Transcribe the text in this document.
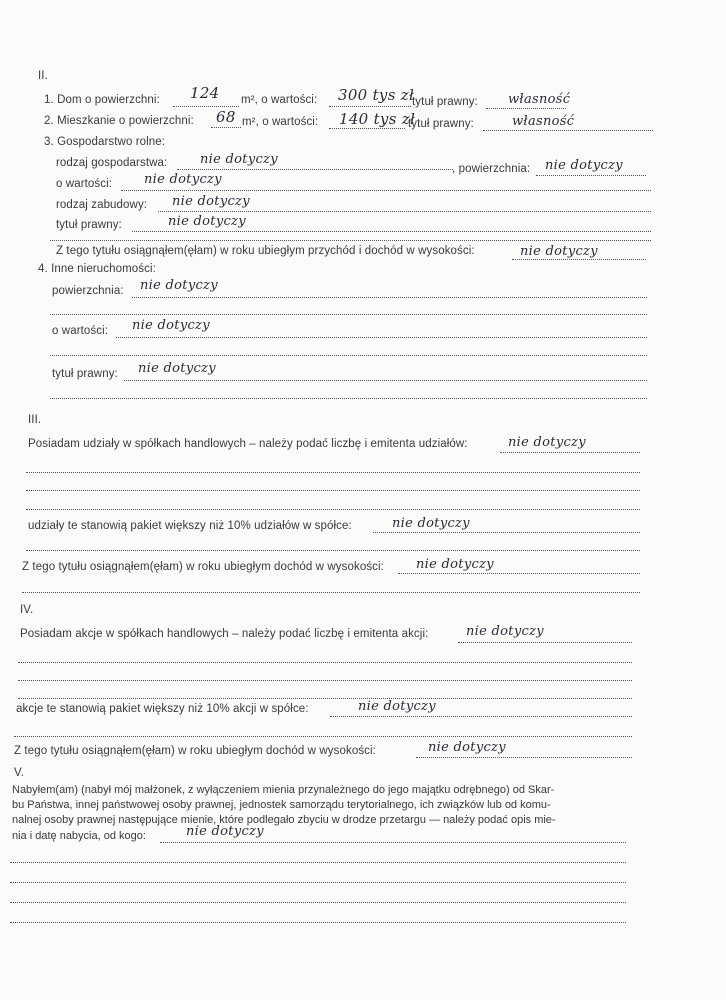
II.
1. Dom o powierzchni: 124 m², o wartości: 300 tys zł
tytuł prawny: własność
2. Mieszkanie o powierzchni: 68 m², o wartości: 140 tys zł
tytuł prawny:	własność
3. Gospodarstwo rolne:
rodzaj gospodarstwa:	nie dotyczy
, powierzchnia: nie dotyczy
o wartości: nie dotyczy
rodzaj zabudowy: nie dotyczy
tytuł prawny:	nie dotyczy
Z tego tytułu osiągnąłem(ęłam) w roku ubiegłym przychód i dochód w wysokości:	nie dotyczy
4. Inne nieruchomości:
powierzchnia: nie dotyczy
o wartości: nie dotyczy
tytuł prawny: nie dotyczy
III.
Posiadam udziały w spółkach handlowych – należy podać liczbę i emitenta udziałów:	nie dotyczy
udziały te stanowią pakiet większy niż 10% udziałów w spółce:	nie dotyczy
Z tego tytułu osiągnąłem(ęłam) w roku ubiegłym dochód w wysokości: nie dotyczy
IV.
Posiadam akcje w spółkach handlowych – należy podać liczbę i emitenta akcji:	nie dotyczy
akcje te stanowią pakiet większy niż 10% akcji w spółce:	nie dotyczy
Z tego tytułu osiągnąłem(ęłam) w roku ubiegłym dochód w wysokości:	nie dotyczy
V.
Nabyłem(am) (nabył mój małżonek, z wyłączeniem mienia przynależnego do jego majątku odrębnego) od Skar-
bu Państwa, innej państwowej osoby prawnej, jednostek samorządu terytorialnego, ich związków lub od komu-
nalnej osoby prawnej następujące mienie, które podlegało zbyciu w drodze przetargu — należy podać opis mie-
nia i datę nabycia, od kogo:	nie dotyczy
